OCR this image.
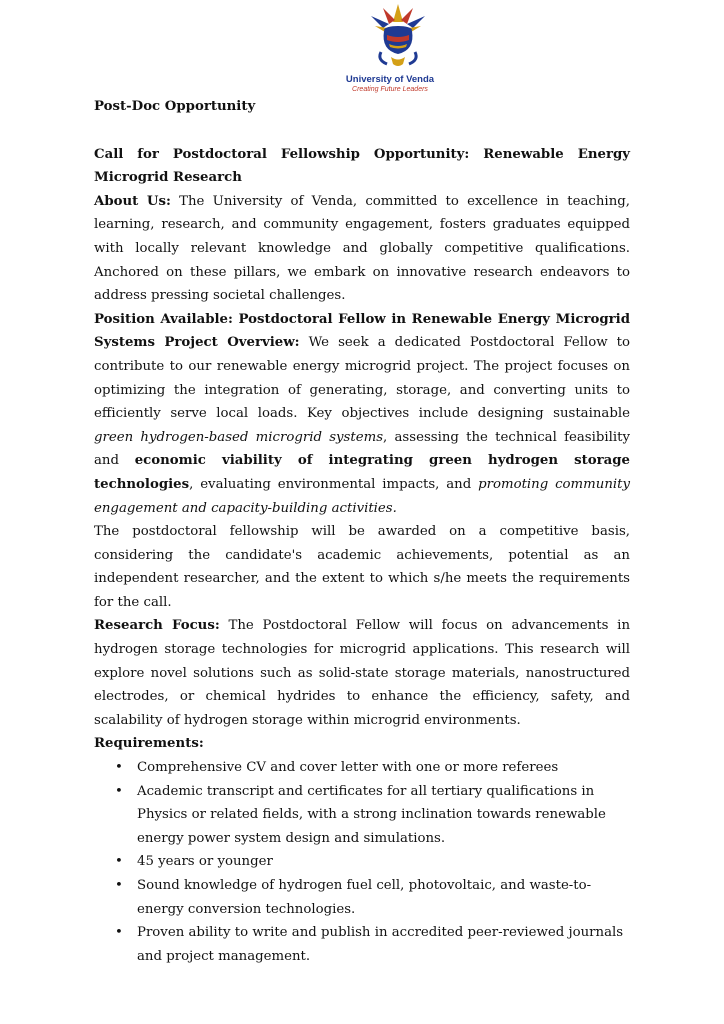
University of Venda
Creating Future Leaders

Post-Doc Opportunity

Call for Postdoctoral Fellowship Opportunity: Renewable Energy Microgrid Research

About Us: The University of Venda, committed to excellence in teaching, learning, research, and community engagement, fosters graduates equipped with locally relevant knowledge and globally competitive qualifications. Anchored on these pillars, we embark on innovative research endeavors to address pressing societal challenges.

Position Available: Postdoctoral Fellow in Renewable Energy Microgrid Systems Project Overview: We seek a dedicated Postdoctoral Fellow to contribute to our renewable energy microgrid project. The project focuses on optimizing the integration of generating, storage, and converting units to efficiently serve local loads. Key objectives include designing sustainable green hydrogen-based microgrid systems, assessing the technical feasibility and economic viability of integrating green hydrogen storage technologies, evaluating environmental impacts, and promoting community engagement and capacity-building activities.

The postdoctoral fellowship will be awarded on a competitive basis, considering the candidate's academic achievements, potential as an independent researcher, and the extent to which s/he meets the requirements for the call.

Research Focus: The Postdoctoral Fellow will focus on advancements in hydrogen storage technologies for microgrid applications. This research will explore novel solutions such as solid-state storage materials, nanostructured electrodes, or chemical hydrides to enhance the efficiency, safety, and scalability of hydrogen storage within microgrid environments.

Requirements:

• Comprehensive CV and cover letter with one or more referees
• Academic transcript and certificates for all tertiary qualifications in Physics or related fields, with a strong inclination towards renewable energy power system design and simulations.
• 45 years or younger
• Sound knowledge of hydrogen fuel cell, photovoltaic, and waste-to-energy conversion technologies.
• Proven ability to write and publish in accredited peer-reviewed journals and project management.
